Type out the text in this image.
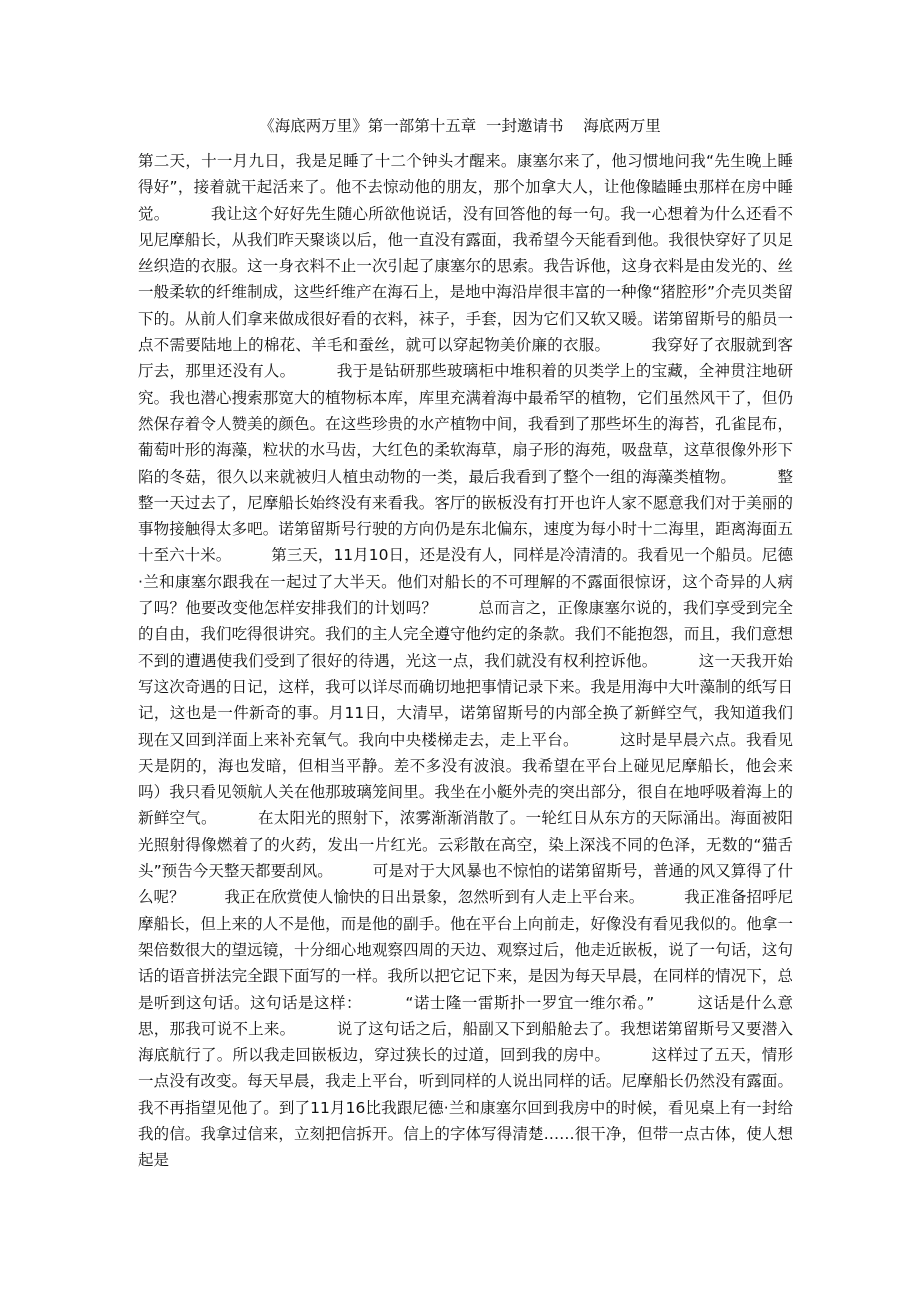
《海底两万里》第一部第十五章  一封邀请书    海底两万里
第二天，十一月九日，我是足睡了十二个钟头才醒来。康塞尔来了，他习惯地问我“先生晚上睡得好”，接着就干起活来了。他不去惊动他的朋友，那个加拿大人，让他像瞌睡虫那样在房中睡觉。        我让这个好好先生随心所欲他说话，没有回答他的每一句。我一心想着为什么还看不见尼摩船长，从我们昨天聚谈以后，他一直没有露面，我希望今天能看到他。我很快穿好了贝足丝织造的衣服。这一身衣料不止一次引起了康塞尔的思索。我告诉他，这身衣料是由发光的、丝一般柔软的纤维制成，这些纤维产在海石上，是地中海沿岸很丰富的一种像“猪腔形”介壳贝类留下的。从前人们拿来做成很好看的衣料，袜子，手套，因为它们又软又暖。诺第留斯号的船员一点不需要陆地上的棉花、羊毛和蚕丝，就可以穿起物美价廉的衣服。        我穿好了衣服就到客厅去，那里还没有人。        我于是钻研那些玻璃柜中堆积着的贝类学上的宝藏，全神贯注地研究。我也潜心搜索那宽大的植物标本库，库里充满着海中最希罕的植物，它们虽然风干了，但仍然保存着令人赞美的颜色。在这些珍贵的水产植物中间，我看到了那些坏生的海苔，孔雀昆布，葡萄叶形的海藻，粒状的水马齿，大红色的柔软海草，扇子形的海苑，吸盘草，这草很像外形下陷的冬菇，很久以来就被归人植虫动物的一类，最后我看到了整个一组的海藻类植物。        整整一天过去了，尼摩船长始终没有来看我。客厅的嵌板没有打开也许人家不愿意我们对于美丽的事物接触得太多吧。诺第留斯号行驶的方向仍是东北偏东，速度为每小时十二海里，距离海面五十至六十米。        第三天，11月10日，还是没有人，同样是冷清清的。我看见一个船员。尼德·兰和康塞尔跟我在一起过了大半天。他们对船长的不可理解的不露面很惊讶，这个奇异的人病了吗？他要改变他怎样安排我们的计划吗？        总而言之，正像康塞尔说的，我们享受到完全的自由，我们吃得很讲究。我们的主人完全遵守他约定的条款。我们不能抱怨，而且，我们意想不到的遭遇使我们受到了很好的待遇，光这一点，我们就没有权利控诉他。        这一天我开始写这次奇遇的日记，这样，我可以详尽而确切地把事情记录下来。我是用海中大叶藻制的纸写日记，这也是一件新奇的事。月11日，大清早，诺第留斯号的内部全换了新鲜空气，我知道我们现在又回到洋面上来补充氧气。我向中央楼梯走去，走上平台。        这时是早晨六点。我看见天是阴的，海也发暗，但相当平静。差不多没有波浪。我希望在平台上碰见尼摩船长，他会来吗）我只看见领航人关在他那玻璃笼间里。我坐在小艇外壳的突出部分，很自在地呼吸着海上的新鲜空气。        在太阳光的照射下，浓雾渐渐消散了。一轮红日从东方的天际涌出。海面被阳光照射得像燃着了的火药，发出一片红光。云彩散在高空，染上深浅不同的色泽，无数的“猫舌头”预告今天整天都要刮风。        可是对于大风暴也不惊怕的诺第留斯号，普通的风又算得了什么呢？        我正在欣赏使人愉快的日出景象，忽然听到有人走上平台来。        我正准备招呼尼摩船长，但上来的人不是他，而是他的副手。他在平台上向前走，好像没有看见我似的。他拿一架倍数很大的望远镜，十分细心地观察四周的天边、观察过后，他走近嵌板，说了一句话，这句话的语音拼法完全跟下面写的一样。我所以把它记下来，是因为每天早晨，在同样的情况下，总是听到这句话。这句话是这样：        “诺士隆一雷斯扑一罗宜一维尔希。”        这话是什么意思，那我可说不上来。        说了这句话之后，船副又下到船舱去了。我想诺第留斯号又要潜入海底航行了。所以我走回嵌板边，穿过狭长的过道，回到我的房中。        这样过了五天，情形一点没有改变。每天早晨，我走上平台，听到同样的人说出同样的话。尼摩船长仍然没有露面。        我不再指望见他了。到了11月16比我跟尼德·兰和康塞尔回到我房中的时候，看见桌上有一封给我的信。我拿过信来，立刻把信拆开。信上的字体写得清楚……很干净，但带一点古体，使人想起是
